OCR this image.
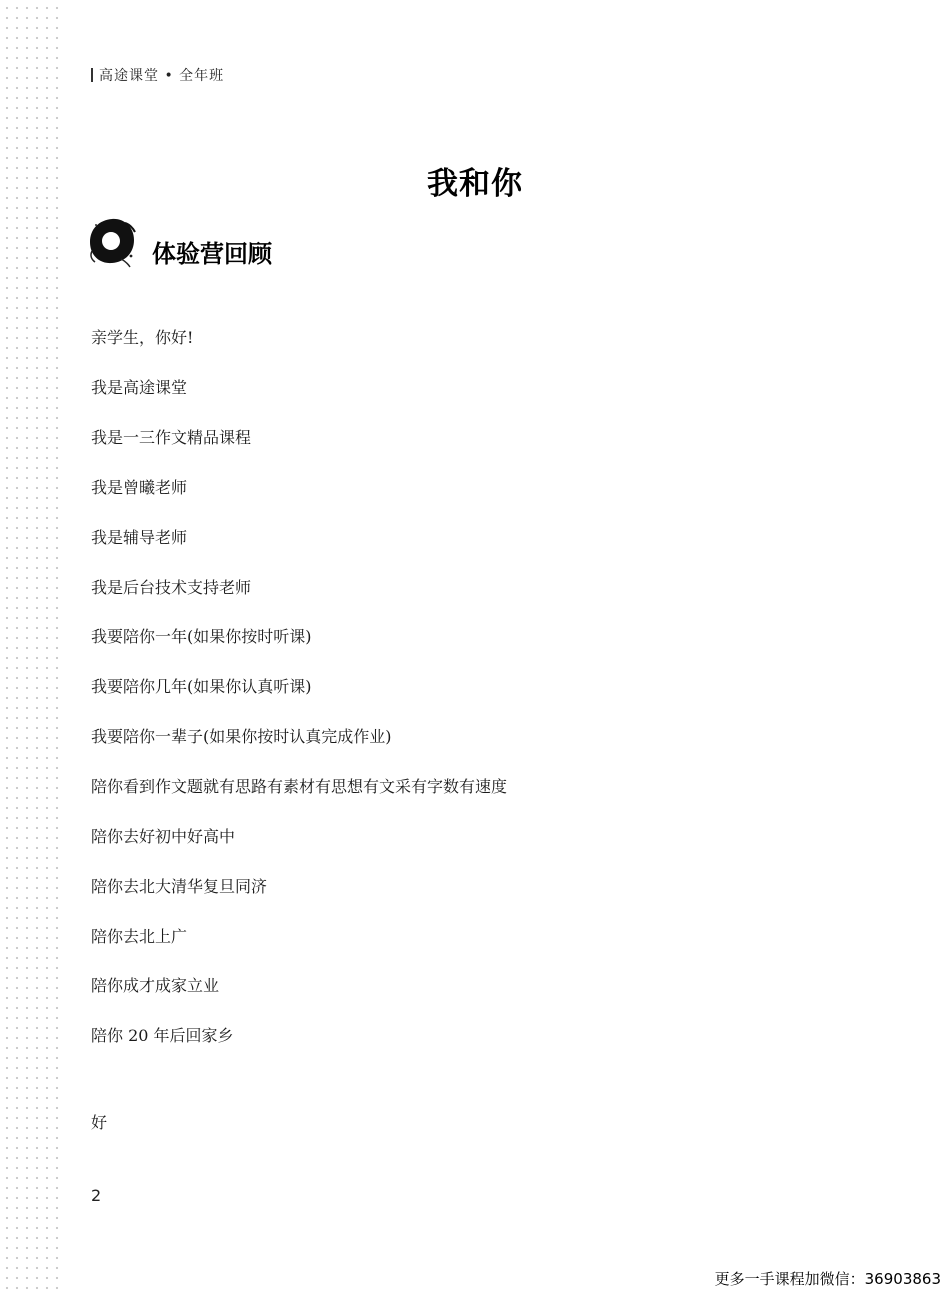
高途课堂 • 全年班
我和你
体验营回顾
亲学生，你好!
我是高途课堂
我是一三作文精品课程
我是曾曦老师
我是辅导老师
我是后台技术支持老师
我要陪你一年(如果你按时听课)
我要陪你几年(如果你认真听课)
我要陪你一辈子(如果你按时认真完成作业)
陪你看到作文题就有思路有素材有思想有文采有字数有速度
陪你去好初中好高中
陪你去北大清华复旦同济
陪你去北上广
陪你成才成家立业
陪你 20 年后回家乡
好
2
更多一手课程加微信：36903863
